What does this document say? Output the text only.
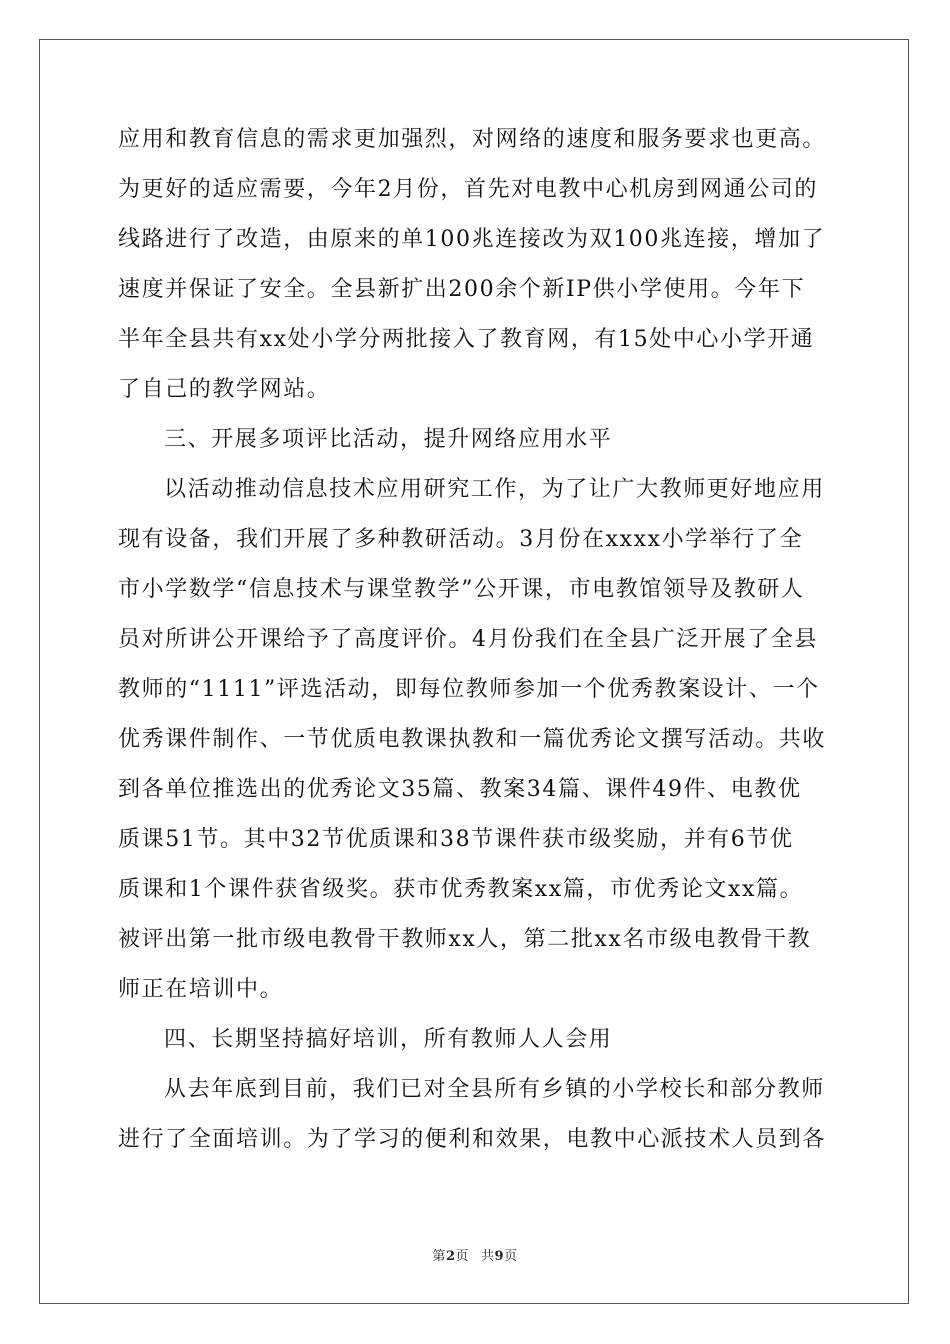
应用和教育信息的需求更加强烈，对网络的速度和服务要求也更高。
为更好的适应需要，今年2月份，首先对电教中心机房到网通公司的
线路进行了改造，由原来的单100兆连接改为双100兆连接，增加了
速度并保证了安全。全县新扩出200余个新IP供小学使用。今年下
半年全县共有xx处小学分两批接入了教育网，有15处中心小学开通
了自己的教学网站。
三、开展多项评比活动，提升网络应用水平
以活动推动信息技术应用研究工作，为了让广大教师更好地应用
现有设备，我们开展了多种教研活动。3月份在xxxx小学举行了全
市小学数学“信息技术与课堂教学”公开课，市电教馆领导及教研人
员对所讲公开课给予了高度评价。4月份我们在全县广泛开展了全县
教师的“1111”评选活动，即每位教师参加一个优秀教案设计、一个
优秀课件制作、一节优质电教课执教和一篇优秀论文撰写活动。共收
到各单位推选出的优秀论文35篇、教案34篇、课件49件、电教优
质课51节。其中32节优质课和38节课件获市级奖励，并有6节优
质课和1个课件获省级奖。获市优秀教案xx篇，市优秀论文xx篇。
被评出第一批市级电教骨干教师xx人，第二批xx名市级电教骨干教
师正在培训中。
四、长期坚持搞好培训，所有教师人人会用
从去年底到目前，我们已对全县所有乡镇的小学校长和部分教师
进行了全面培训。为了学习的便利和效果，电教中心派技术人员到各
第2页 共9页
